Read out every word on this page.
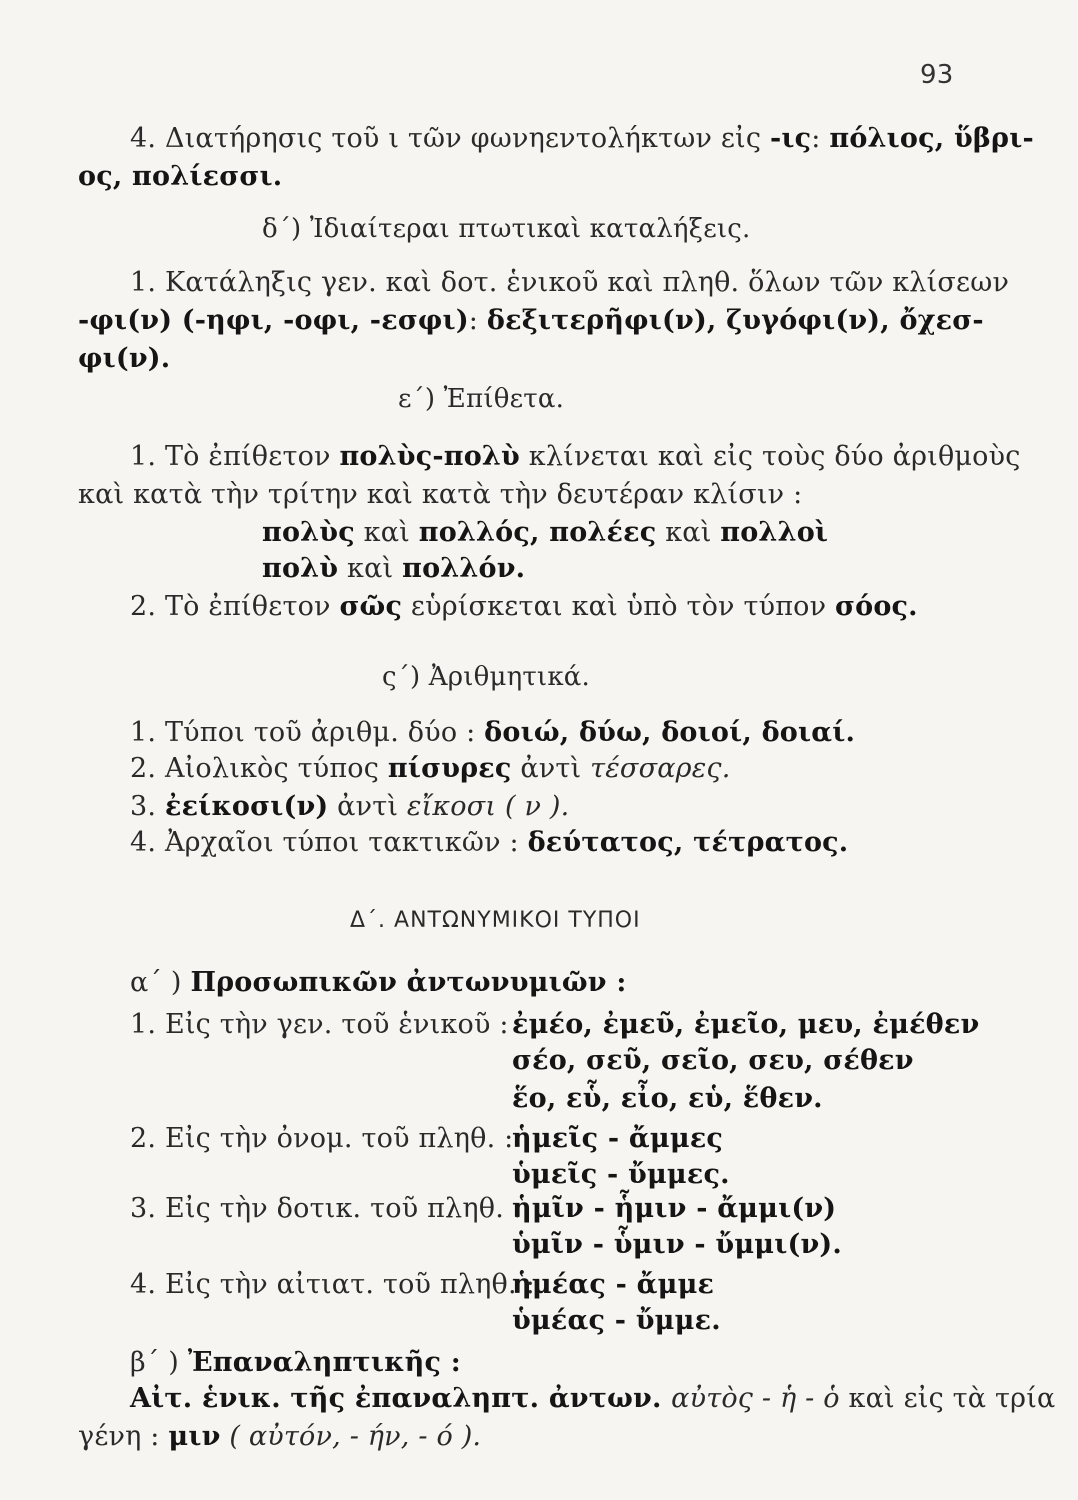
93
4. Διατήρησις τοῦ ι τῶν φωνηεντολήκτων εἰς -ις: πόλιος, ὕβρι-
ος, πολίεσσι.
δ΄) Ἰδιαίτεραι πτωτικαὶ καταλήξεις.
1. Κατάληξις γεν. καὶ δοτ. ἑνικοῦ καὶ πληθ. ὅλων τῶν κλίσεων
-φι(ν) (-ηφι, -οφι, -εσφι): δεξιτερῆφι(ν), ζυγόφι(ν), ὄχεσ-
φι(ν).
ε΄) Ἐπίθετα.
1. Τὸ ἐπίθετον πολὺς-πολὺ κλίνεται καὶ εἰς τοὺς δύο ἀριθμοὺς
καὶ κατὰ τὴν τρίτην καὶ κατὰ τὴν δευτέραν κλίσιν :
πολὺς καὶ πολλός, πολέες καὶ πολλοὶ
πολὺ καὶ πολλόν.
2. Τὸ ἐπίθετον σῶς εὑρίσκεται καὶ ὑπὸ τὸν τύπον σόος.
ς΄) Ἀριθμητικά.
1. Τύποι τοῦ ἀριθμ. δύο : δοιώ, δύω, δοιοί, δοιαί.
2. Αἰολικὸς τύπος πίσυρες ἀντὶ τέσσαρες.
3. ἐείκοσι(ν) ἀντὶ εἴκοσι ( ν ).
4. Ἀρχαῖοι τύποι τακτικῶν : δεύτατος, τέτρατος.
Δ΄. ΑΝΤΩΝΥΜΙΚΟΙ ΤΥΠΟΙ
α΄ ) Προσωπικῶν ἀντωνυμιῶν :
1. Εἰς τὴν γεν. τοῦ ἑνικοῦ : ἐμέο, ἐμεῦ, ἐμεῖο, μευ, ἐμέθεν
σέο, σεῦ, σεῖο, σευ, σέθεν
ἕο, εὗ, εἶο, εὑ, ἕθεν.
2. Εἰς τὴν ὀνομ. τοῦ πληθ. :
ἡμεῖς - ἄμμες
ὑμεῖς - ὔμμες.
3. Εἰς τὴν δοτικ. τοῦ πληθ. :
ἡμῖν - ἧμιν - ἄμμι(ν)
ὑμῖν - ὗμιν - ὔμμι(ν).
4. Εἰς τὴν αἰτιατ. τοῦ πληθ. :
ἡμέας - ἄμμε
ὑμέας - ὔμμε.
β΄ ) Ἐπαναληπτικῆς :
Αἰτ. ἑνικ. τῆς ἐπαναληπτ. ἀντων. αὐτὸς - ἡ - ὁ καὶ εἰς τὰ τρία
γένη : μιν ( αὐτόν, - ήν, - ό ).
